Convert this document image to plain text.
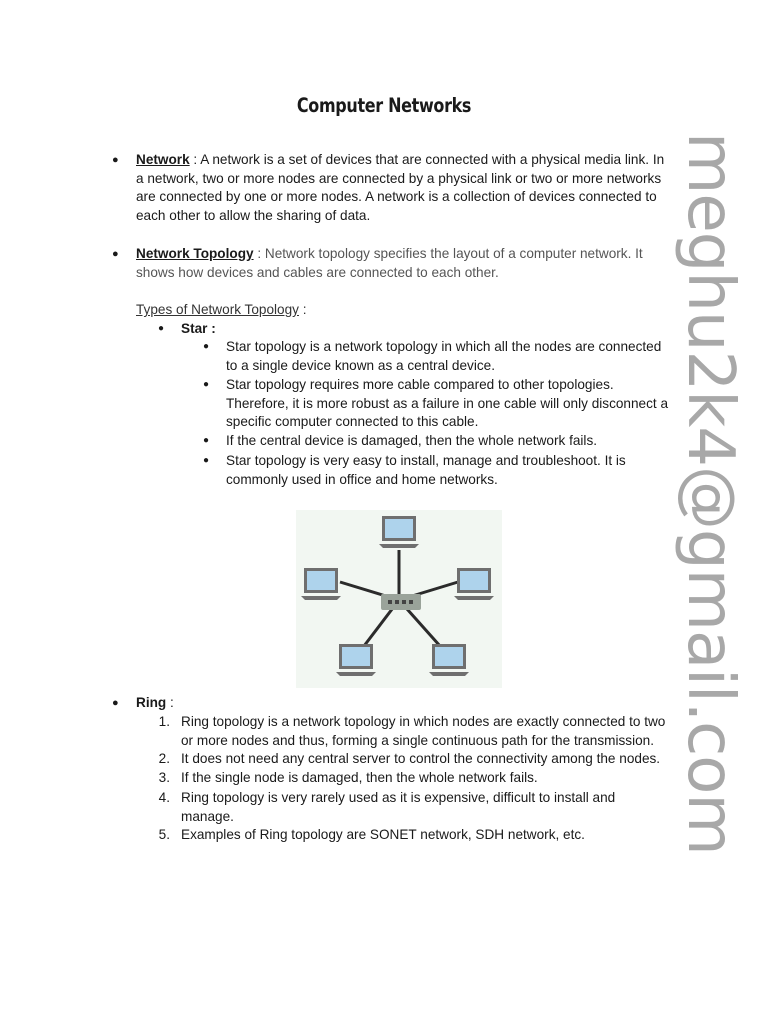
Computer Networks
● Network : A network is a set of devices that are connected with a physical media link. In
a network, two or more nodes are connected by a physical link or two or more networks
are connected by one or more nodes. A network is a collection of devices connected to
each other to allow the sharing of data.
● Network Topology : Network topology specifies the layout of a computer network. It
shows how devices and cables are connected to each other.
Types of Network Topology :
● Star :
● Star topology is a network topology in which all the nodes are connected
to a single device known as a central device.
● Star topology requires more cable compared to other topologies.
Therefore, it is more robust as a failure in one cable will only disconnect a
specific computer connected to this cable.
● If the central device is damaged, then the whole network fails.
● Star topology is very easy to install, manage and troubleshoot. It is
commonly used in office and home networks.
● Ring :
1. Ring topology is a network topology in which nodes are exactly connected to two
or more nodes and thus, forming a single continuous path for the transmission.
2. It does not need any central server to control the connectivity among the nodes.
3. If the single node is damaged, then the whole network fails.
4. Ring topology is very rarely used as it is expensive, difficult to install and
manage.
5. Examples of Ring topology are SONET network, SDH network, etc.	meghu2k4@gmail.com
